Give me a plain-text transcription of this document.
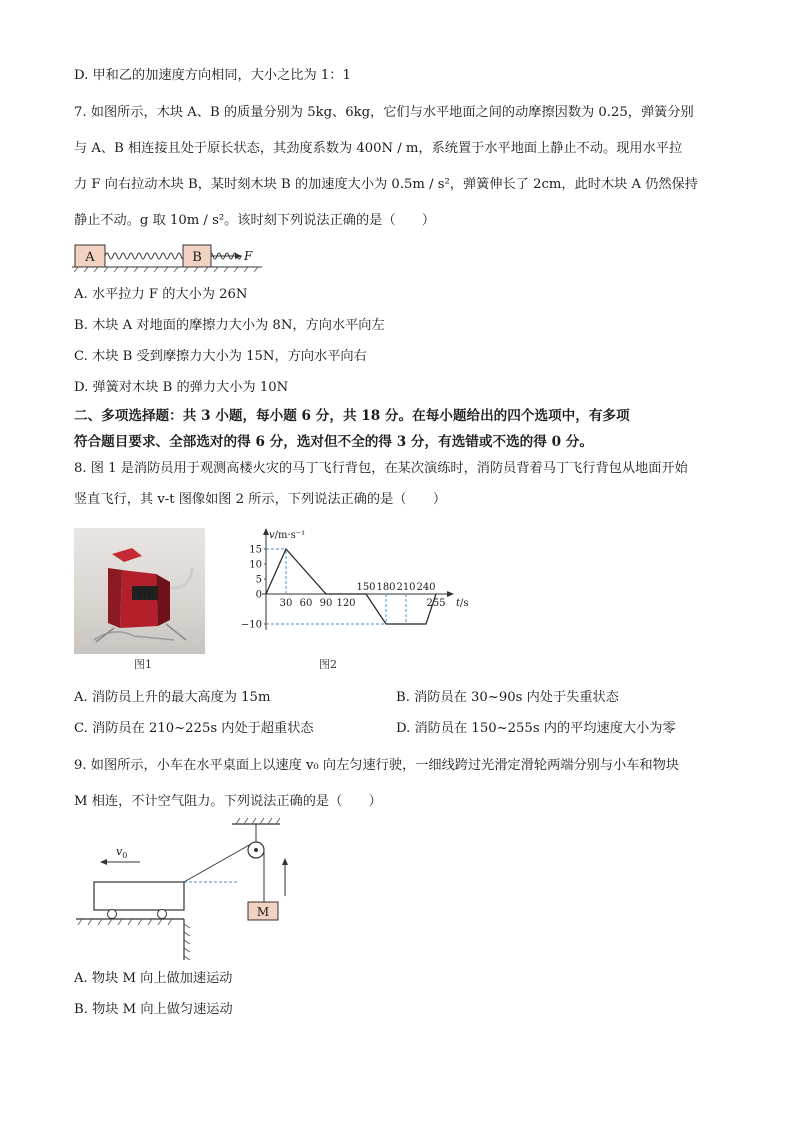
D. 甲和乙的加速度方向相同，大小之比为 1：1
7. 如图所示，木块 A、B 的质量分别为 5kg、6kg，它们与水平地面之间的动摩擦因数为 0.25，弹簧分别
与 A、B 相连接且处于原长状态，其劲度系数为 400N / m，系统置于水平地面上静止不动。现用水平拉
力 F 向右拉动木块 B，某时刻木块 B 的加速度大小为 0.5m / s²，弹簧伸长了 2cm，此时木块 A 仍然保持
静止不动。g 取 10m / s²。该时刻下列说法正确的是（　　）
A	B	F
A. 水平拉力 F 的大小为 26N
B. 木块 A 对地面的摩擦力大小为 8N，方向水平向左
C. 木块 B 受到摩擦力大小为 15N，方向水平向右
D. 弹簧对木块 B 的弹力大小为 10N
二、多项选择题：共 3 小题，每小题 6 分，共 18 分。在每小题给出的四个选项中，有多项
符合题目要求、全部选对的得 6 分，选对但不全的得 3 分，有选错或不选的得 0 分。
8. 图 1 是消防员用于观测高楼火灾的马丁飞行背包，在某次演练时，消防员背着马丁飞行背包从地面开始
竖直飞行，其 v-t 图像如图 2 所示，下列说法正确的是（　　）
ME
图1
v/m·s⁻¹
t/s
15
10
5
0
−10
30 60 90 120	255
150 180 210 240
图2
A. 消防员上升的最大高度为 15m	B. 消防员在 30~90s 内处于失重状态
C. 消防员在 210~225s 内处于超重状态	D. 消防员在 150~255s 内的平均速度大小为零
9. 如图所示，小车在水平桌面上以速度 v₀ 向左匀速行驶，一细线跨过光滑定滑轮两端分别与小车和物块
M 相连，不计空气阻力。下列说法正确的是（　　）
M
$v_0$
A. 物块 M 向上做加速运动
B. 物块 M 向上做匀速运动
